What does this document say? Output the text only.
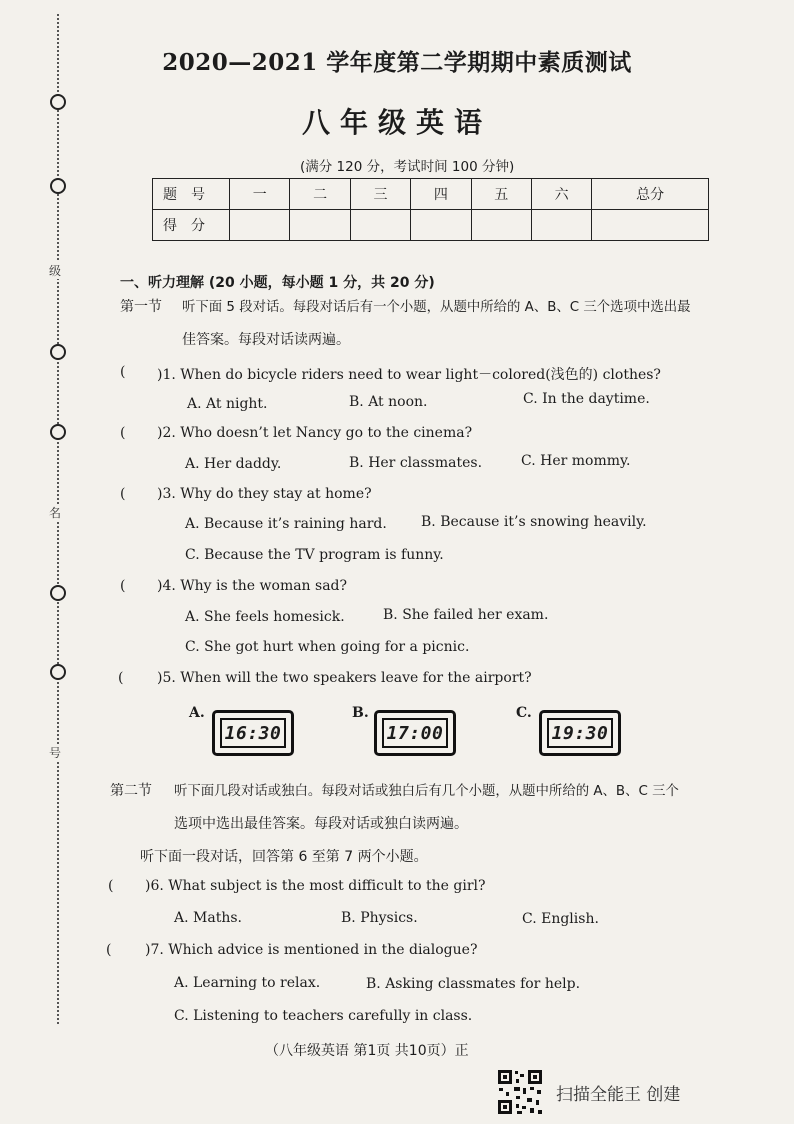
级
名
号
2020—2021 学年度第二学期期中素质测试
八年级英语
(满分 120 分，考试时间 100 分钟)
题号	一	二	三	四	五	六	总分
得分							
一、听力理解 (20 小题，每小题 1 分，共 20 分)
第一节 听下面 5 段对话。每段对话后有一个小题，从题中所给的 A、B、C 三个选项中选出最
佳答案。每段对话读两遍。
( )1. When do bicycle riders need to wear light－colored(浅色的) clothes?
A. At night.	B. At noon.	C. In the daytime.
( )2. Who doesn’t let Nancy go to the cinema?
A. Her daddy.	B. Her classmates.	C. Her mommy.
( )3. Why do they stay at home?
A. Because it’s raining hard. B. Because it’s snowing heavily.
C. Because the TV program is funny.
( )4. Why is the woman sad?
A. She feels homesick.	B. She failed her exam.
C. She got hurt when going for a picnic.
( )5. When will the two speakers leave for the airport?
A.
16:30
B.
17:00
C.
19:30
第二节 听下面几段对话或独白。每段对话或独白后有几个小题，从题中所给的 A、B、C 三个
选项中选出最佳答案。每段对话或独白读两遍。
听下面一段对话，回答第 6 至第 7 两个小题。
( )6. What subject is the most difficult to the girl?
A. Maths.	B. Physics.	C. English.
( )7. Which advice is mentioned in the dialogue?
A. Learning to relax.	B. Asking classmates for help.
C. Listening to teachers carefully in class.
（八年级英语 第1页 共10页）正
扫描全能王 创建
